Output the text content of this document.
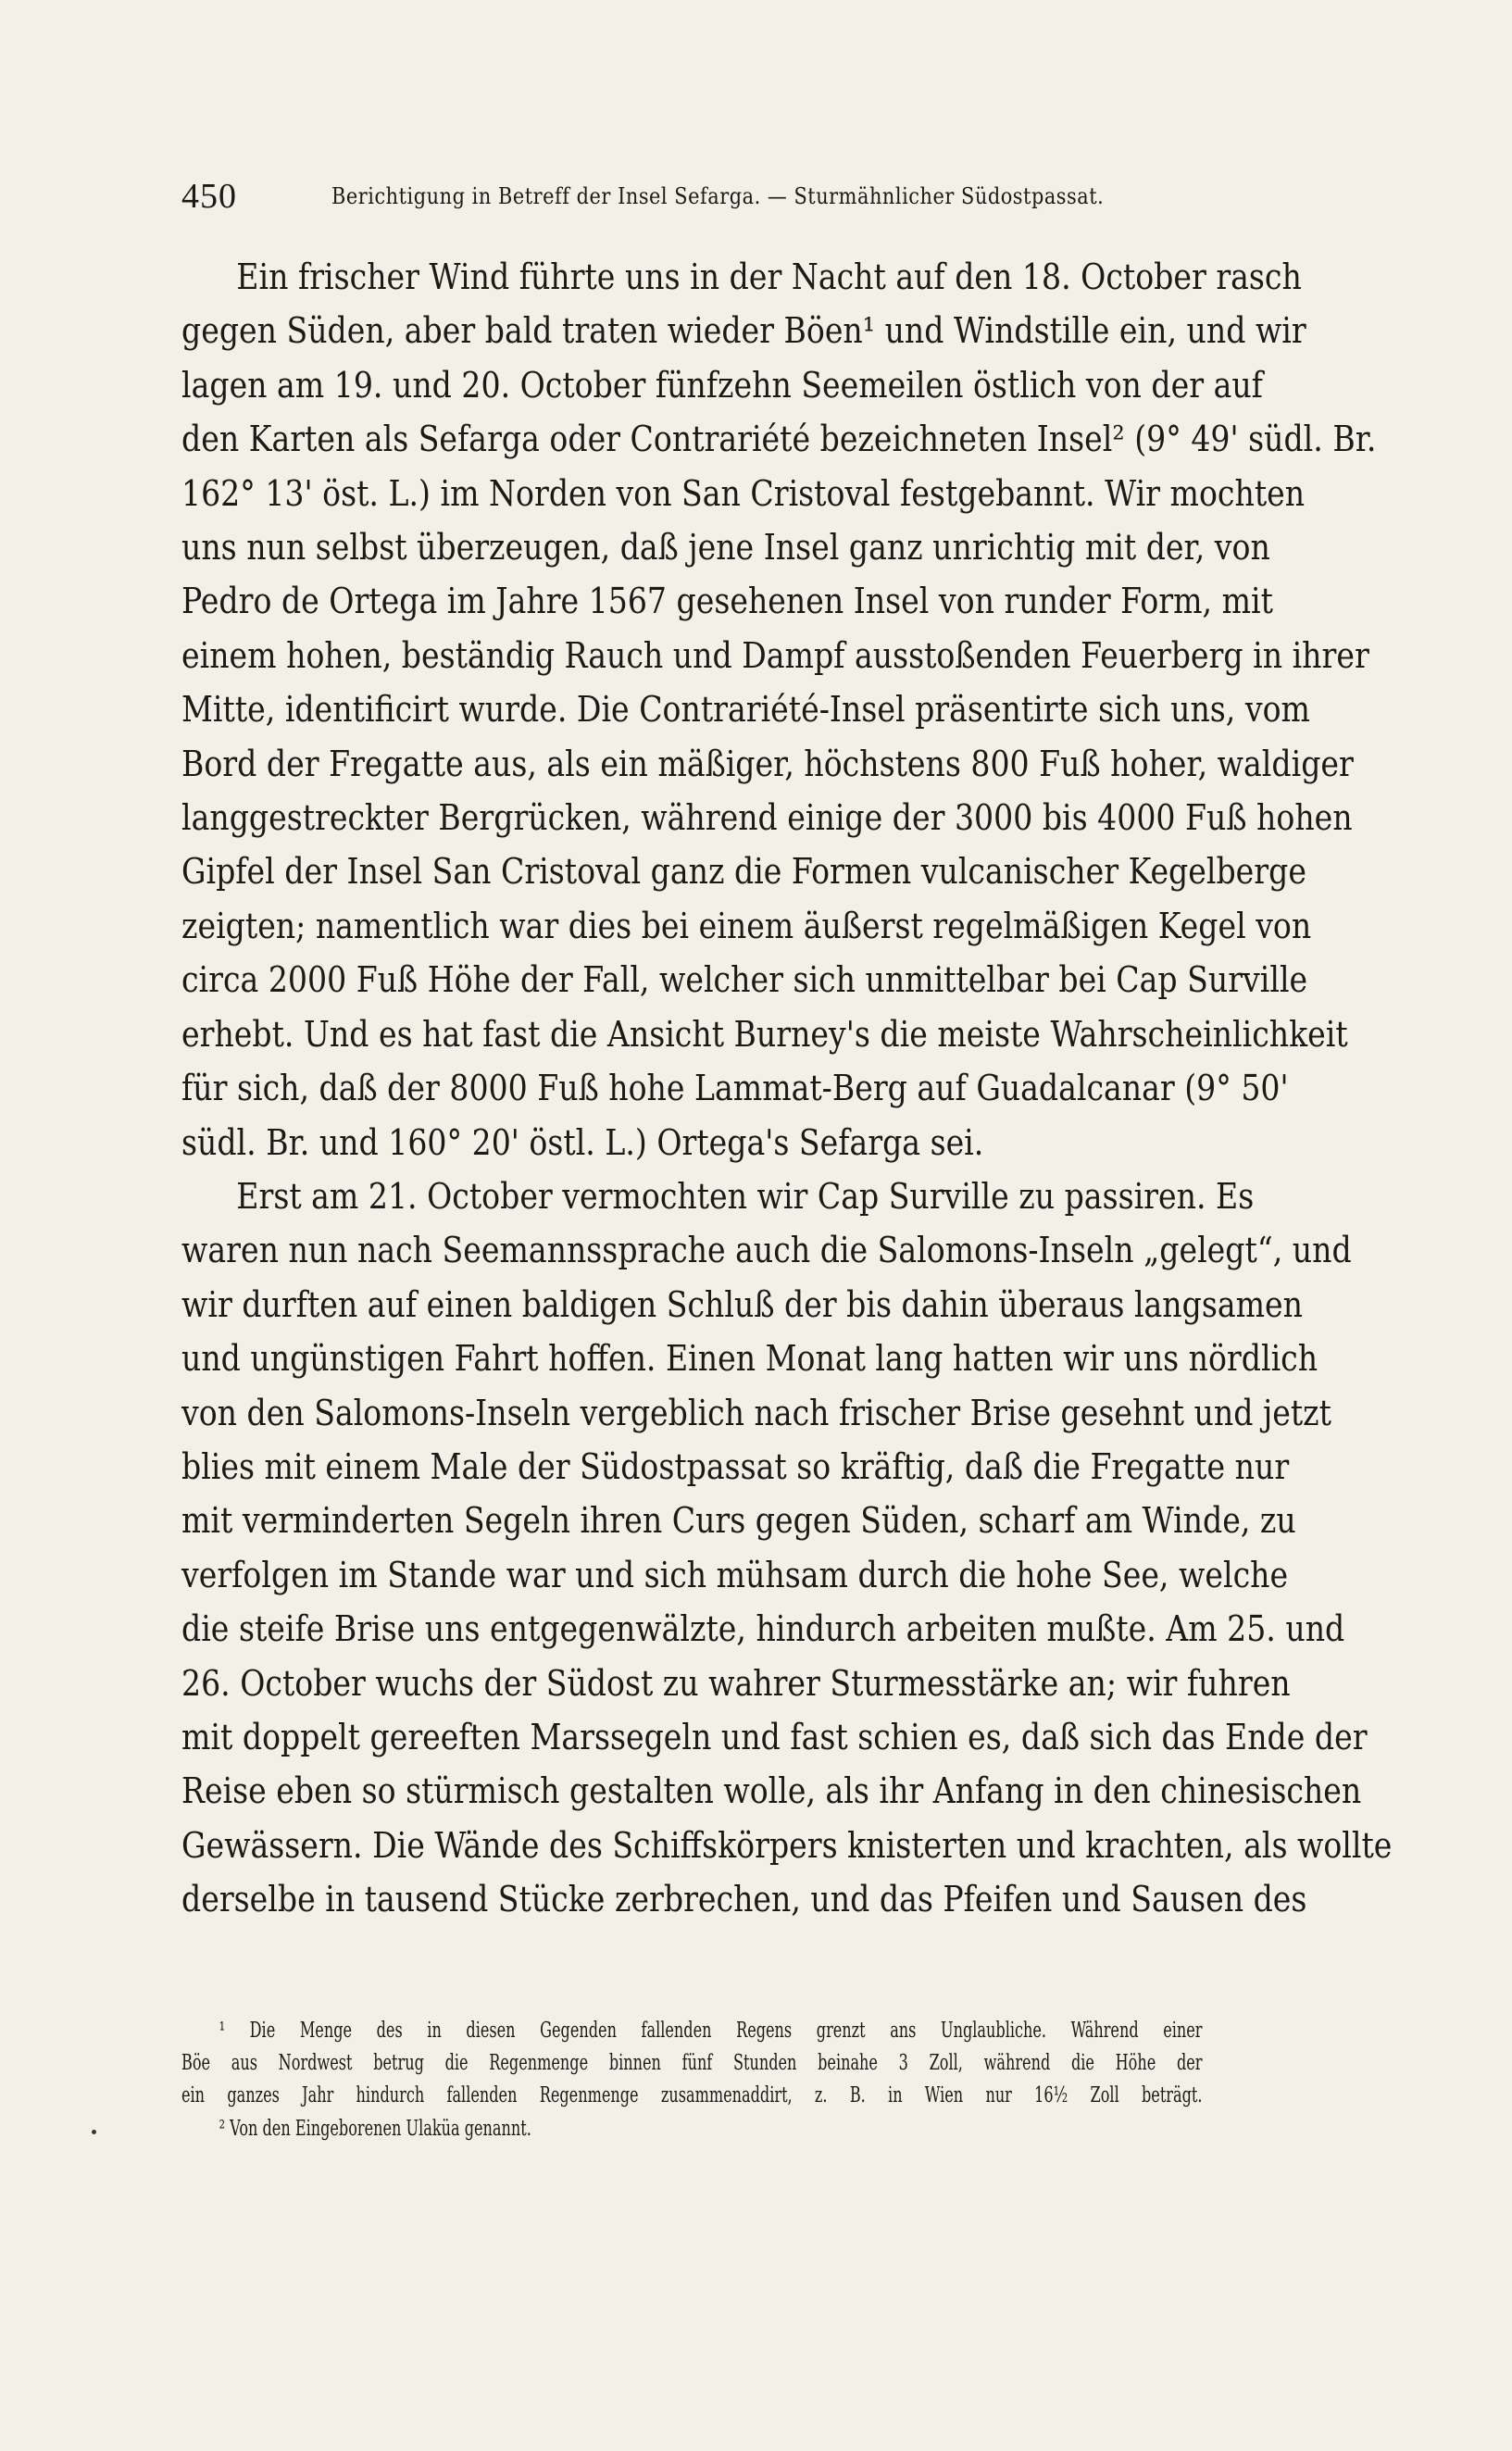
450	Berichtigung in Betreff der Insel Sefarga. — Sturmähnlicher Südostpassat.
Ein frischer Wind führte uns in der Nacht auf den 18. October rasch
gegen Süden, aber bald traten wieder Böen¹ und Windstille ein, und wir
lagen am 19. und 20. October fünfzehn Seemeilen östlich von der auf
den Karten als Sefarga oder Contrariété bezeichneten Insel² (9° 49' südl. Br.
162° 13' öst. L.) im Norden von San Cristoval festgebannt. Wir mochten
uns nun selbst überzeugen, daß jene Insel ganz unrichtig mit der, von
Pedro de Ortega im Jahre 1567 gesehenen Insel von runder Form, mit
einem hohen, beständig Rauch und Dampf ausstoßenden Feuerberg in ihrer
Mitte, identificirt wurde. Die Contrariété-Insel präsentirte sich uns, vom
Bord der Fregatte aus, als ein mäßiger, höchstens 800 Fuß hoher, waldiger
langgestreckter Bergrücken, während einige der 3000 bis 4000 Fuß hohen
Gipfel der Insel San Cristoval ganz die Formen vulcanischer Kegelberge
zeigten; namentlich war dies bei einem äußerst regelmäßigen Kegel von
circa 2000 Fuß Höhe der Fall, welcher sich unmittelbar bei Cap Surville
erhebt. Und es hat fast die Ansicht Burney's die meiste Wahrscheinlichkeit
für sich, daß der 8000 Fuß hohe Lammat-Berg auf Guadalcanar (9° 50'
südl. Br. und 160° 20' östl. L.) Ortega's Sefarga sei.
Erst am 21. October vermochten wir Cap Surville zu passiren. Es
waren nun nach Seemannssprache auch die Salomons-Inseln „gelegt“, und
wir durften auf einen baldigen Schluß der bis dahin überaus langsamen
und ungünstigen Fahrt hoffen. Einen Monat lang hatten wir uns nördlich
von den Salomons-Inseln vergeblich nach frischer Brise gesehnt und jetzt
blies mit einem Male der Südostpassat so kräftig, daß die Fregatte nur
mit verminderten Segeln ihren Curs gegen Süden, scharf am Winde, zu
verfolgen im Stande war und sich mühsam durch die hohe See, welche
die steife Brise uns entgegenwälzte, hindurch arbeiten mußte. Am 25. und
26. October wuchs der Südost zu wahrer Sturmesstärke an; wir fuhren
mit doppelt gereeften Marssegeln und fast schien es, daß sich das Ende der
Reise eben so stürmisch gestalten wolle, als ihr Anfang in den chinesischen
Gewässern. Die Wände des Schiffskörpers knisterten und krachten, als wollte
derselbe in tausend Stücke zerbrechen, und das Pfeifen und Sausen des
¹ Die Menge des in diesen Gegenden fallenden Regens grenzt ans Unglaubliche. Während einer
Böe aus Nordwest betrug die Regenmenge binnen fünf Stunden beinahe 3 Zoll, während die Höhe der
ein ganzes Jahr hindurch fallenden Regenmenge zusammenaddirt, z. B. in Wien nur 16½ Zoll beträgt.
² Von den Eingeborenen Ulaküa genannt.
